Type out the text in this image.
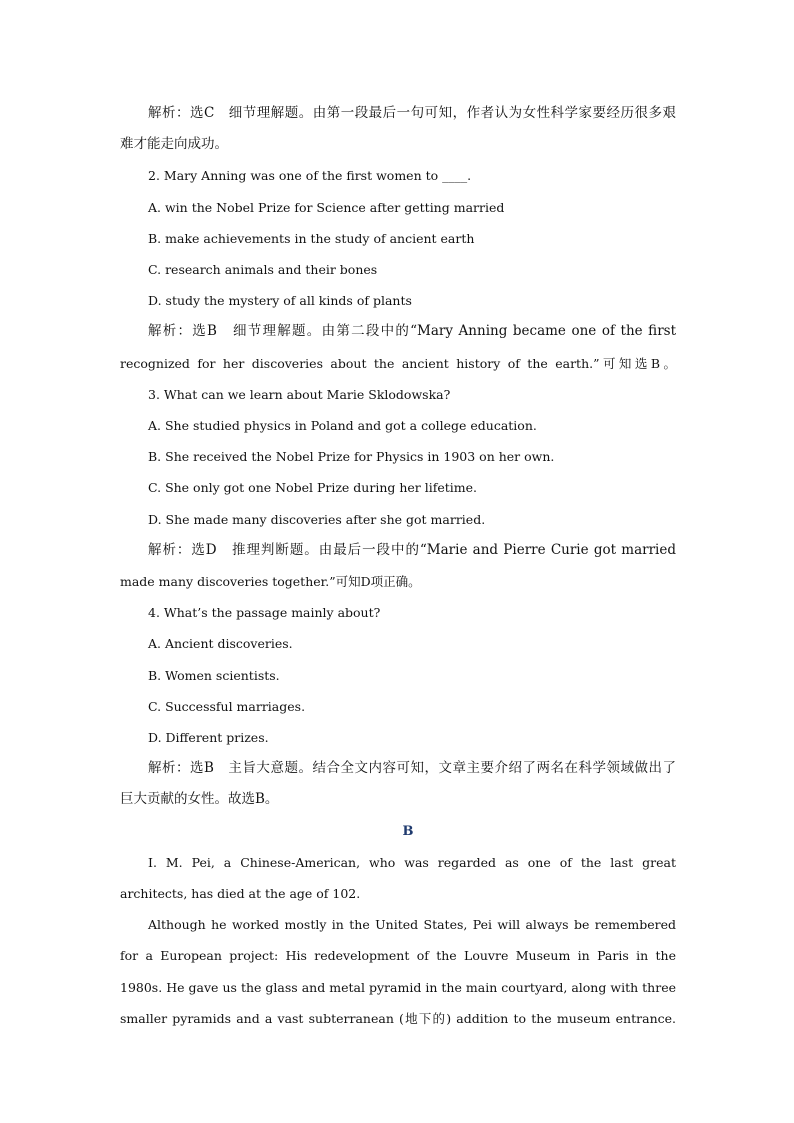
解析：选C　细节理解题。由第一段最后一句可知，作者认为女性科学家要经历很多艰
难才能走向成功。
2. Mary Anning was one of the first women to ____.
A. win the Nobel Prize for Science after getting married
B. make achievements in the study of ancient earth
C. research animals and their bones
D. study the mystery of all kinds of plants
解析：选B　细节理解题。由第二段中的“Mary Anning became one of the first
recognized for her discoveries about the ancient history of the earth.”可知选B。
3. What can we learn about Marie Sklodowska?
A. She studied physics in Poland and got a college education.
B. She received the Nobel Prize for Physics in 1903 on her own.
C. She only got one Nobel Prize during her lifetime.
D. She made many discoveries after she got married.
解析：选D　推理判断题。由最后一段中的“Marie and Pierre Curie got married
made many discoveries together.”可知D项正确。
4. What’s the passage mainly about?
A. Ancient discoveries.
B. Women scientists.
C. Successful marriages.
D. Different prizes.
解析：选B　主旨大意题。结合全文内容可知，文章主要介绍了两名在科学领域做出了
巨大贡献的女性。故选B。
B
I. M. Pei, a Chinese-American, who was regarded as one of the last great
architects, has died at the age of 102.
Although he worked mostly in the United States, Pei will always be remembered
for a European project: His redevelopment of the Louvre Museum in Paris in the
1980s. He gave us the glass and metal pyramid in the main courtyard, along with three
smaller pyramids and a vast subterranean (地下的) addition to the museum entrance.
